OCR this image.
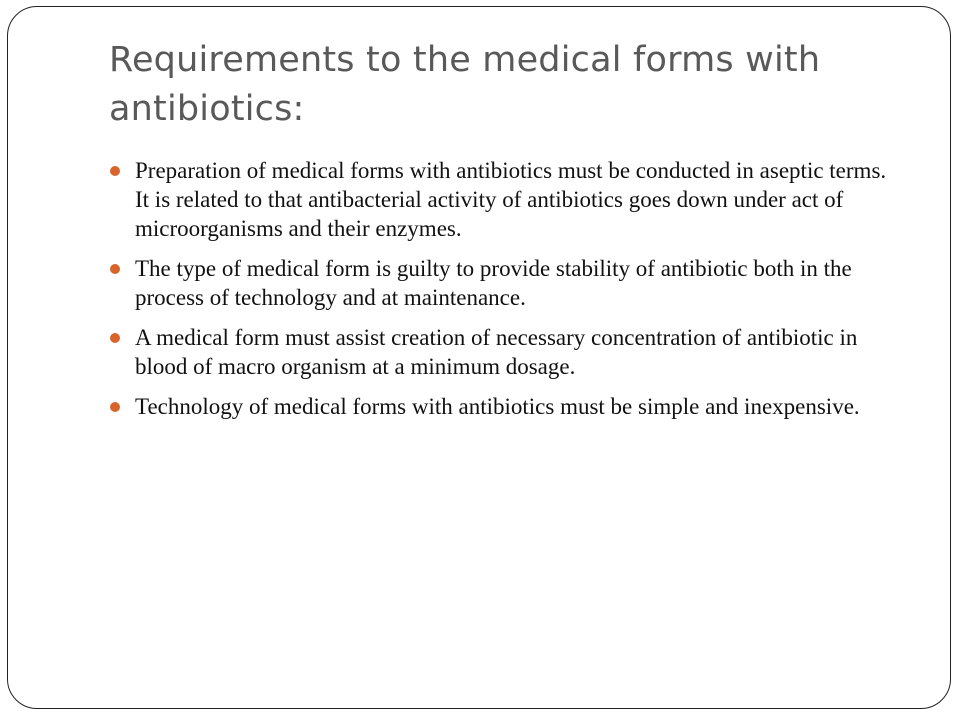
Requirements to the medical forms with antibiotics:
Preparation of medical forms with antibiotics must be conducted in aseptic terms. It is related to that antibacterial activity of antibiotics goes down under act of microorganisms and their enzymes.
The type of medical form is guilty to provide stability of antibiotic both in the process of technology and at maintenance.
A medical form must assist creation of necessary concentration of antibiotic in blood of macro organism at a minimum dosage.
Technology of medical forms with antibiotics must be simple and inexpensive.
